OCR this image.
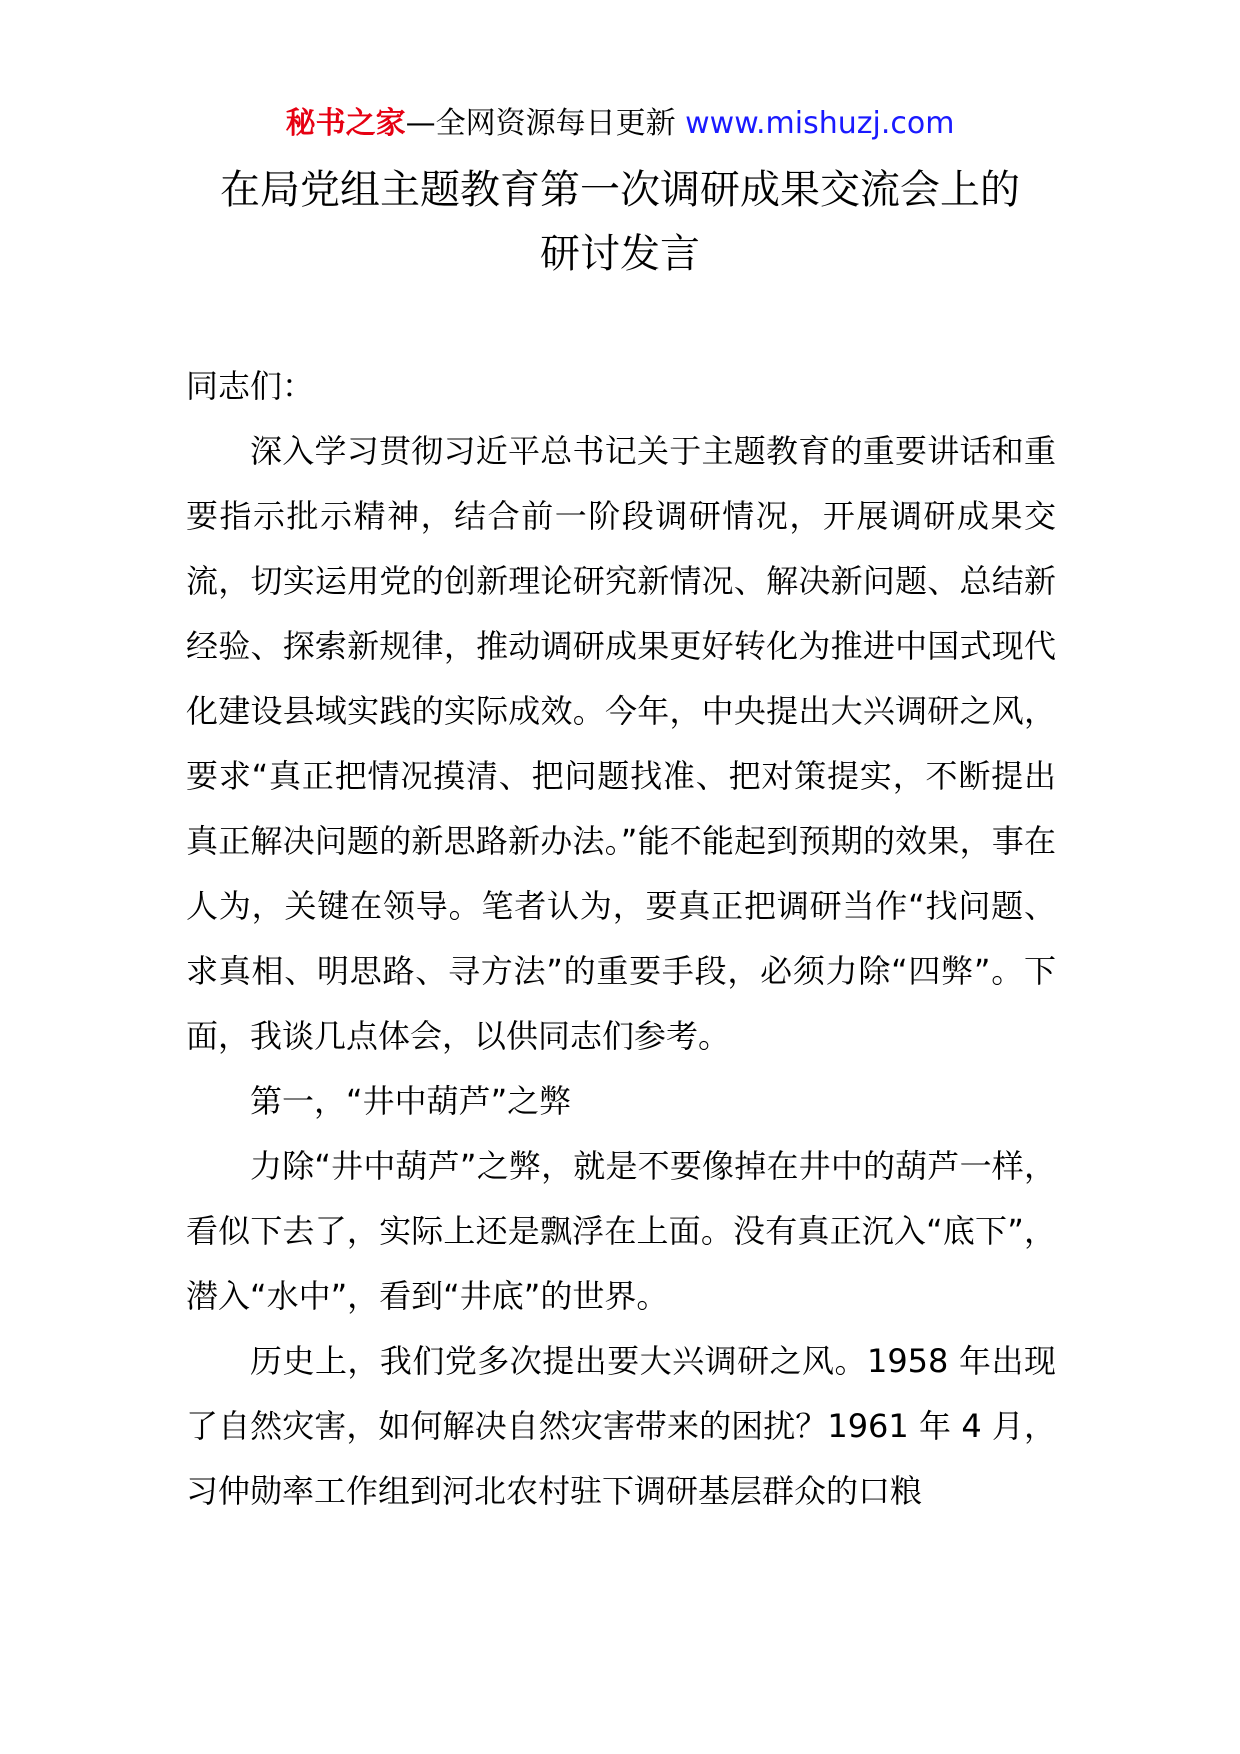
秘书之家—全网资源每日更新 www.mishuzj.com
在局党组主题教育第一次调研成果交流会上的
研讨发言

同志们：

深入学习贯彻习近平总书记关于主题教育的重要讲话和重要指示批示精神，结合前一阶段调研情况，开展调研成果交流，切实运用党的创新理论研究新情况、解决新问题、总结新经验、探索新规律，推动调研成果更好转化为推进中国式现代化建设县域实践的实际成效。今年，中央提出大兴调研之风，要求“真正把情况摸清、把问题找准、把对策提实，不断提出真正解决问题的新思路新办法。”能不能起到预期的效果，事在人为，关键在领导。笔者认为，要真正把调研当作“找问题、求真相、明思路、寻方法”的重要手段，必须力除“四弊”。下面，我谈几点体会，以供同志们参考。

第一，“井中葫芦”之弊

力除“井中葫芦”之弊，就是不要像掉在井中的葫芦一样，看似下去了，实际上还是飘浮在上面。没有真正沉入“底下”，潜入“水中”，看到“井底”的世界。

历史上，我们党多次提出要大兴调研之风。1958 年出现了自然灾害，如何解决自然灾害带来的困扰？1961 年 4 月，习仲勋率工作组到河北农村驻下调研基层群众的口粮
